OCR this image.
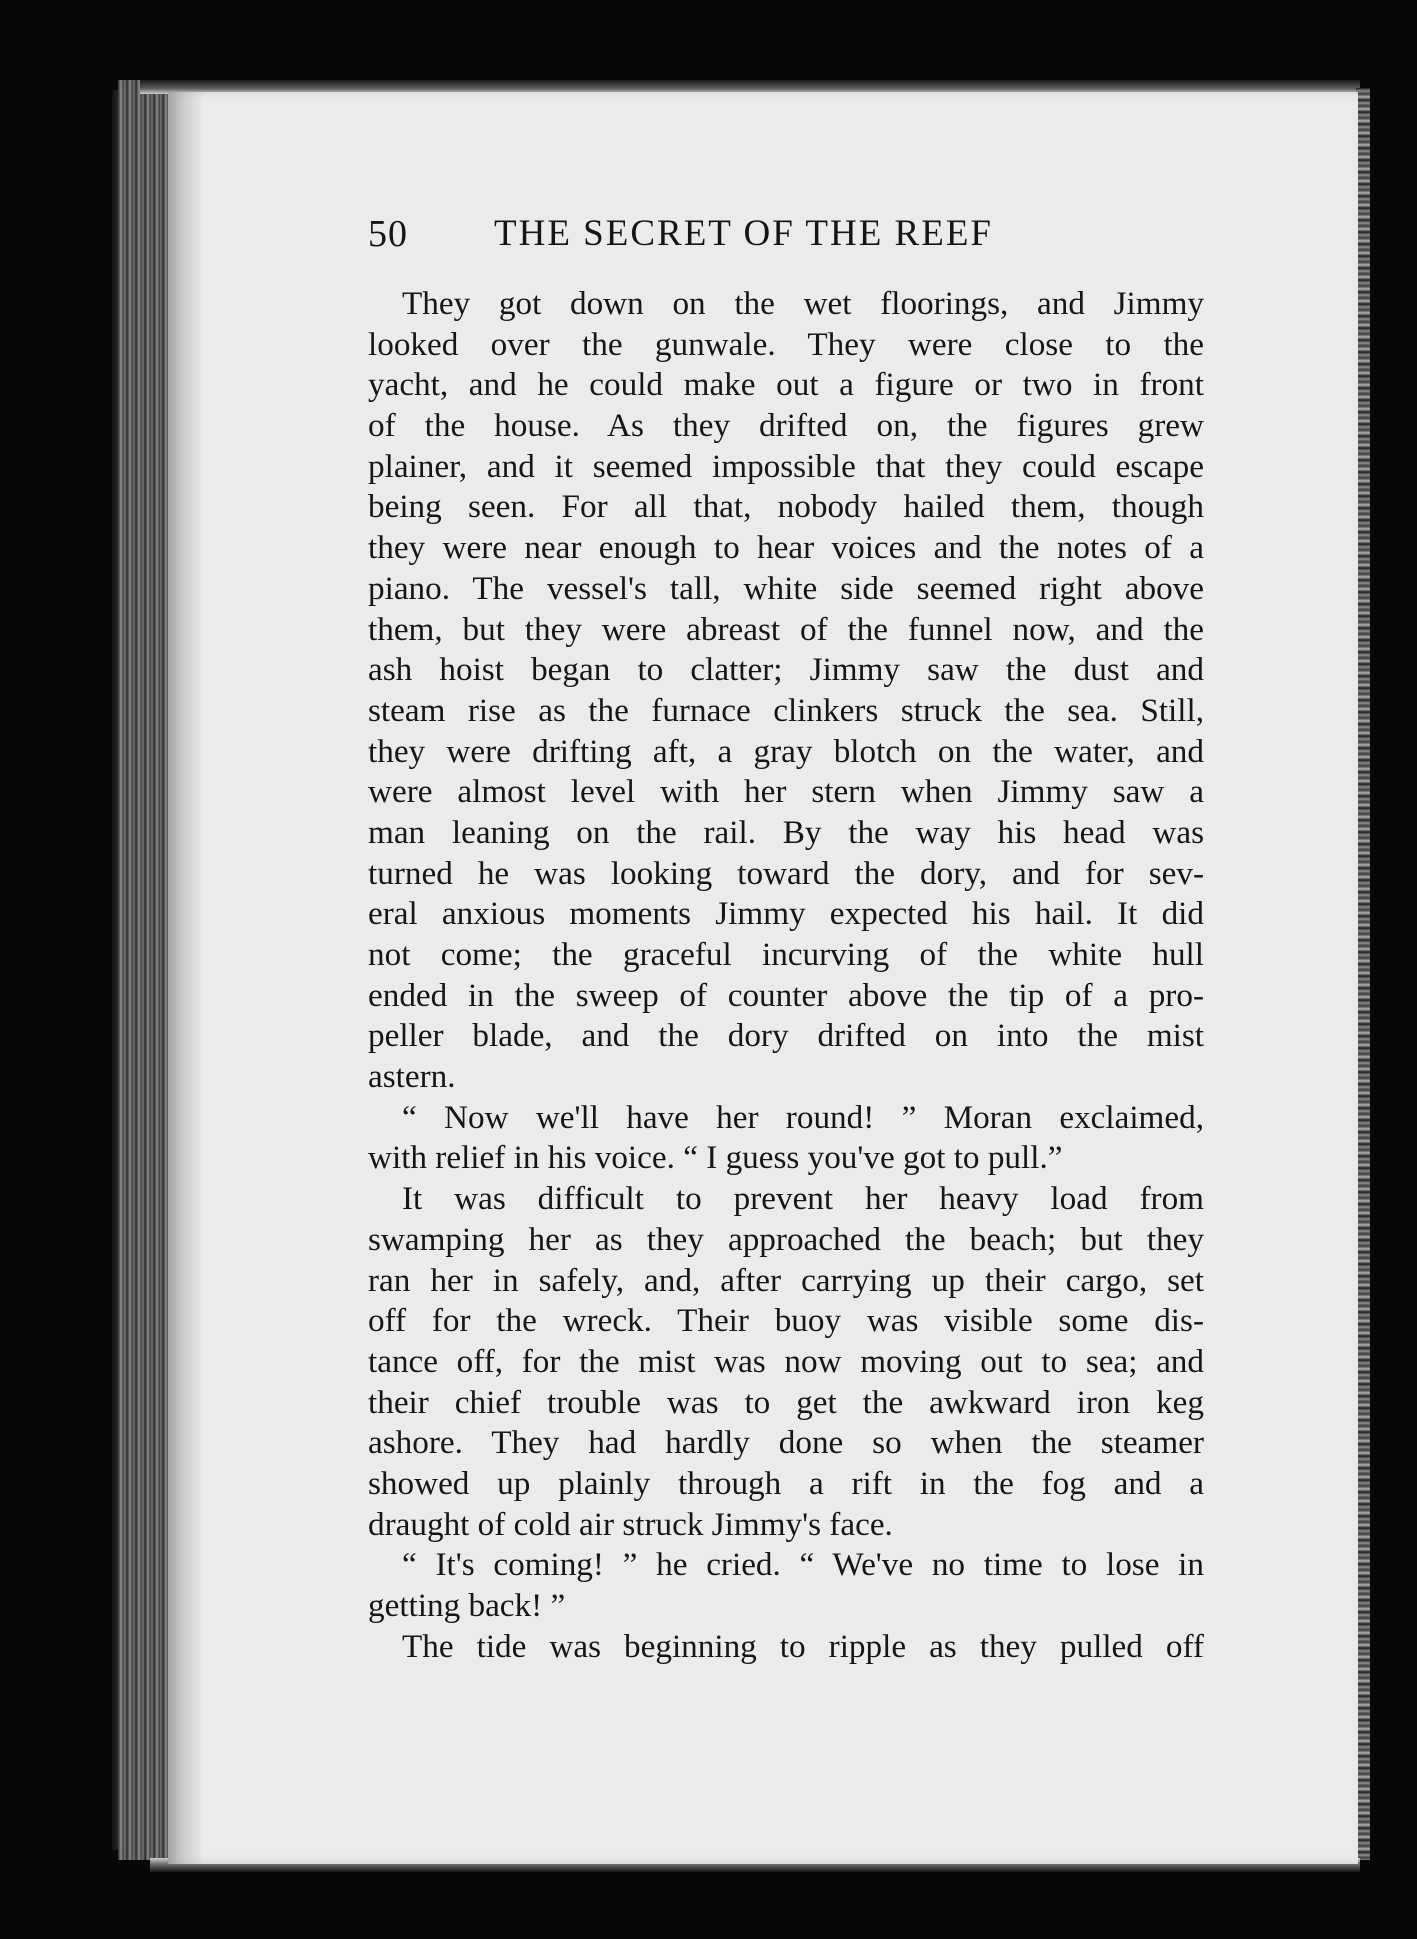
50 THE SECRET OF THE REEF
They got down on the wet floorings, and Jimmy
looked over the gunwale. They were close to the
yacht, and he could make out a figure or two in front
of the house. As they drifted on, the figures grew
plainer, and it seemed impossible that they could escape
being seen. For all that, nobody hailed them, though
they were near enough to hear voices and the notes of a
piano. The vessel's tall, white side seemed right above
them, but they were abreast of the funnel now, and the
ash hoist began to clatter; Jimmy saw the dust and
steam rise as the furnace clinkers struck the sea. Still,
they were drifting aft, a gray blotch on the water, and
were almost level with her stern when Jimmy saw a
man leaning on the rail. By the way his head was
turned he was looking toward the dory, and for sev-
eral anxious moments Jimmy expected his hail. It did
not come; the graceful incurving of the white hull
ended in the sweep of counter above the tip of a pro-
peller blade, and the dory drifted on into the mist
astern.
“ Now we'll have her round! ” Moran exclaimed,
with relief in his voice. “ I guess you've got to pull.”
It was difficult to prevent her heavy load from
swamping her as they approached the beach; but they
ran her in safely, and, after carrying up their cargo, set
off for the wreck. Their buoy was visible some dis-
tance off, for the mist was now moving out to sea; and
their chief trouble was to get the awkward iron keg
ashore. They had hardly done so when the steamer
showed up plainly through a rift in the fog and a
draught of cold air struck Jimmy's face.
“ It's coming! ” he cried. “ We've no time to lose in
getting back! ”
The tide was beginning to ripple as they pulled off
